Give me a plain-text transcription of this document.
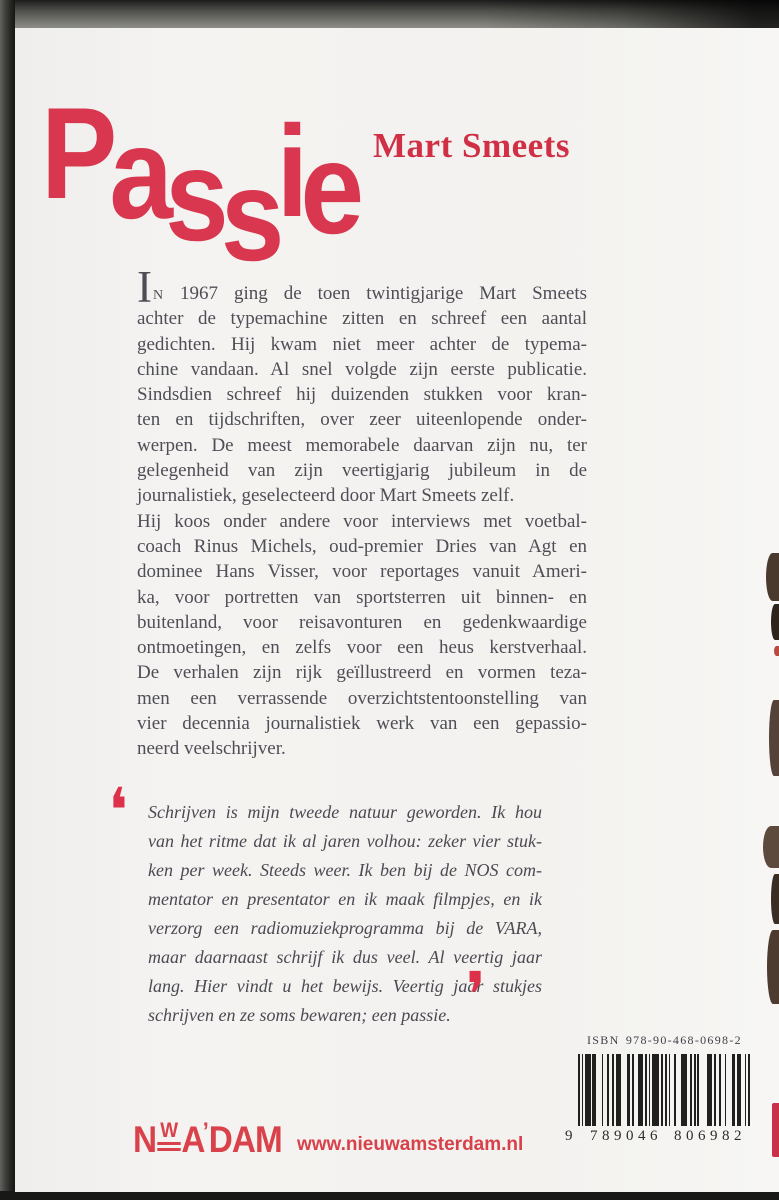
Passie Mart Smeets
IN 1967 ging de toen twintigjarige Mart Smeets
achter de typemachine zitten en schreef een aantal
gedichten. Hij kwam niet meer achter de typema-
chine vandaan. Al snel volgde zijn eerste publicatie.
Sindsdien schreef hij duizenden stukken voor kran-
ten en tijdschriften, over zeer uiteenlopende onder-
werpen. De meest memorabele daarvan zijn nu, ter
gelegenheid van zijn veertigjarig jubileum in de
journalistiek, geselecteerd door Mart Smeets zelf.
Hij koos onder andere voor interviews met voetbal-
coach Rinus Michels, oud-premier Dries van Agt en
dominee Hans Visser, voor reportages vanuit Ameri-
ka, voor portretten van sportsterren uit binnen- en
buitenland, voor reisavonturen en gedenkwaardige
ontmoetingen, en zelfs voor een heus kerstverhaal.
De verhalen zijn rijk geïllustreerd en vormen teza-
men een verrassende overzichtstentoonstelling van
vier decennia journalistiek werk van een gepassio-
neerd veelschrijver.
❛ Schrijven is mijn tweede natuur geworden. Ik hou
van het ritme dat ik al jaren volhou: zeker vier stuk-
ken per week. Steeds weer. Ik ben bij de NOS com-
mentator en presentator en ik maak filmpjes, en ik
verzorg een radiomuziekprogramma bij de VARA,
maar daarnaast schrijf ik dus veel. Al veertig jaar
lang. Hier vindt u het bewijs. Veertig jaar stukjes
schrijven en ze soms bewaren; een passie. ❜
ISBN 978-90-468-0698-2
9 789046 806982
N W A’DAM www.nieuwamsterdam.nl
